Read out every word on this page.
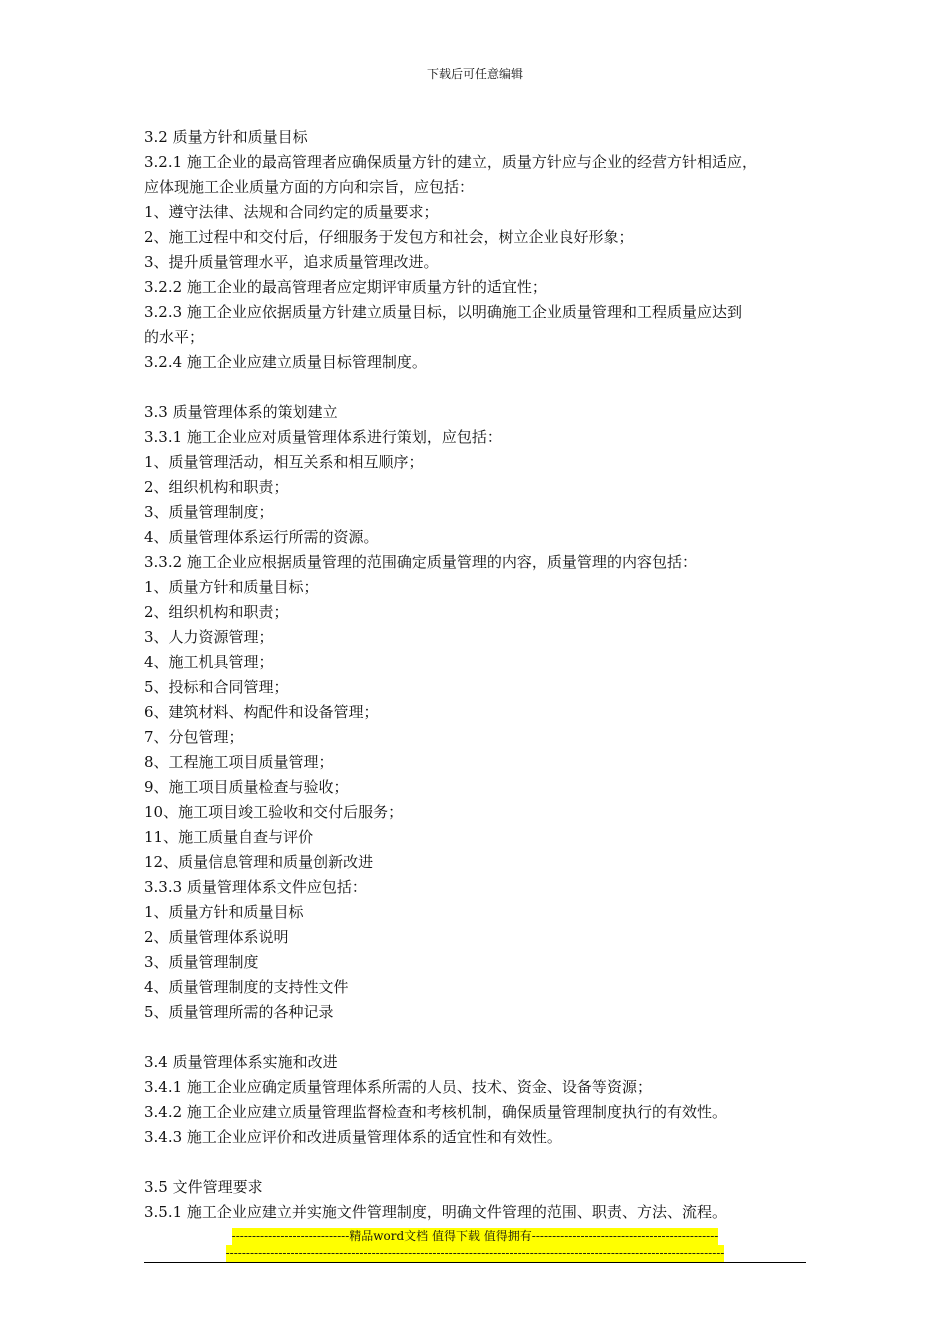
下载后可任意编辑
3.2 质量方针和质量目标
3.2.1 施工企业的最高管理者应确保质量方针的建立，质量方针应与企业的经营方针相适应，
应体现施工企业质量方面的方向和宗旨，应包括：
1、遵守法律、法规和合同约定的质量要求；
2、施工过程中和交付后，仔细服务于发包方和社会，树立企业良好形象；
3、提升质量管理水平，追求质量管理改进。
3.2.2 施工企业的最高管理者应定期评审质量方针的适宜性；
3.2.3 施工企业应依据质量方针建立质量目标，以明确施工企业质量管理和工程质量应达到
的水平；
3.2.4 施工企业应建立质量目标管理制度。
3.3 质量管理体系的策划建立
3.3.1 施工企业应对质量管理体系进行策划，应包括：
1、质量管理活动，相互关系和相互顺序；
2、组织机构和职责；
3、质量管理制度；
4、质量管理体系运行所需的资源。
3.3.2 施工企业应根据质量管理的范围确定质量管理的内容，质量管理的内容包括：
1、质量方针和质量目标；
2、组织机构和职责；
3、人力资源管理；
4、施工机具管理；
5、投标和合同管理；
6、建筑材料、构配件和设备管理；
7、分包管理；
8、工程施工项目质量管理；
9、施工项目质量检查与验收；
10、施工项目竣工验收和交付后服务；
11、施工质量自查与评价
12、质量信息管理和质量创新改进
3.3.3 质量管理体系文件应包括：
1、质量方针和质量目标
2、质量管理体系说明
3、质量管理制度
4、质量管理制度的支持性文件
5、质量管理所需的各种记录
3.4 质量管理体系实施和改进
3.4.1 施工企业应确定质量管理体系所需的人员、技术、资金、设备等资源；
3.4.2 施工企业应建立质量管理监督检查和考核机制，确保质量管理制度执行的有效性。
3.4.3 施工企业应评价和改进质量管理体系的适宜性和有效性。
3.5 文件管理要求
3.5.1 施工企业应建立并实施文件管理制度，明确文件管理的范围、职责、方法、流程。
-----------------------------精品word文档 值得下载 值得拥有----------------------------------------------
---------------------------------------------------------------------------------------------------------------------------
